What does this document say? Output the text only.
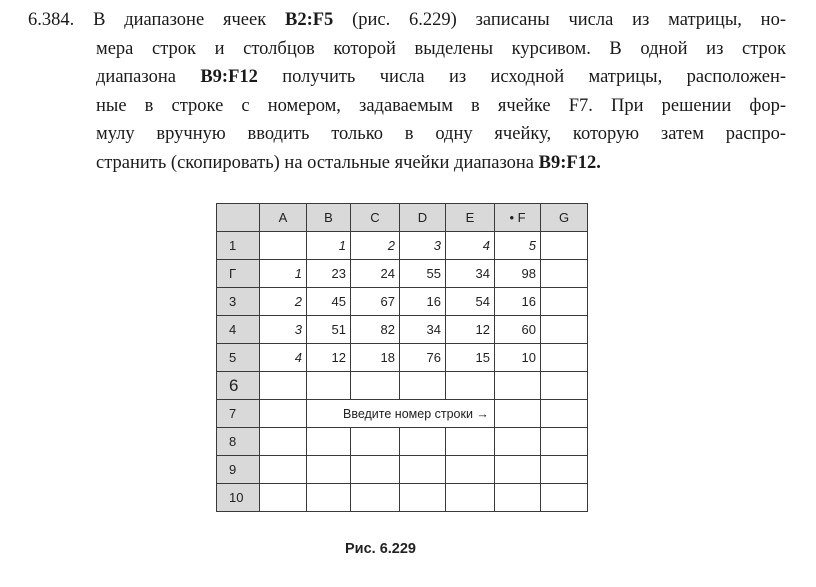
6.384. В диапазоне ячеек B2:F5 (рис. 6.229) записаны числа из матрицы, но-
мера строк и столбцов которой выделены курсивом. В одной из строк
диапазона B9:F12 получить числа из исходной матрицы, расположен-
ные в строке с номером, задаваемым в ячейке F7. При решении фор-
мулу вручную вводить только в одну ячейку, которую затем распро-
странить (скопировать) на остальные ячейки диапазона B9:F12.
	A	B	C	D	E	• F	G
1		1	2	3	4	5	
Г	1	23	24	55	34	98	
3	2	45	67	16	54	16	
4	3	51	82	34	12	60	
5	4	12	18	76	15	10	
6							
7		Введите номер строки →					
8							
9							
10							
Рис. 6.229
